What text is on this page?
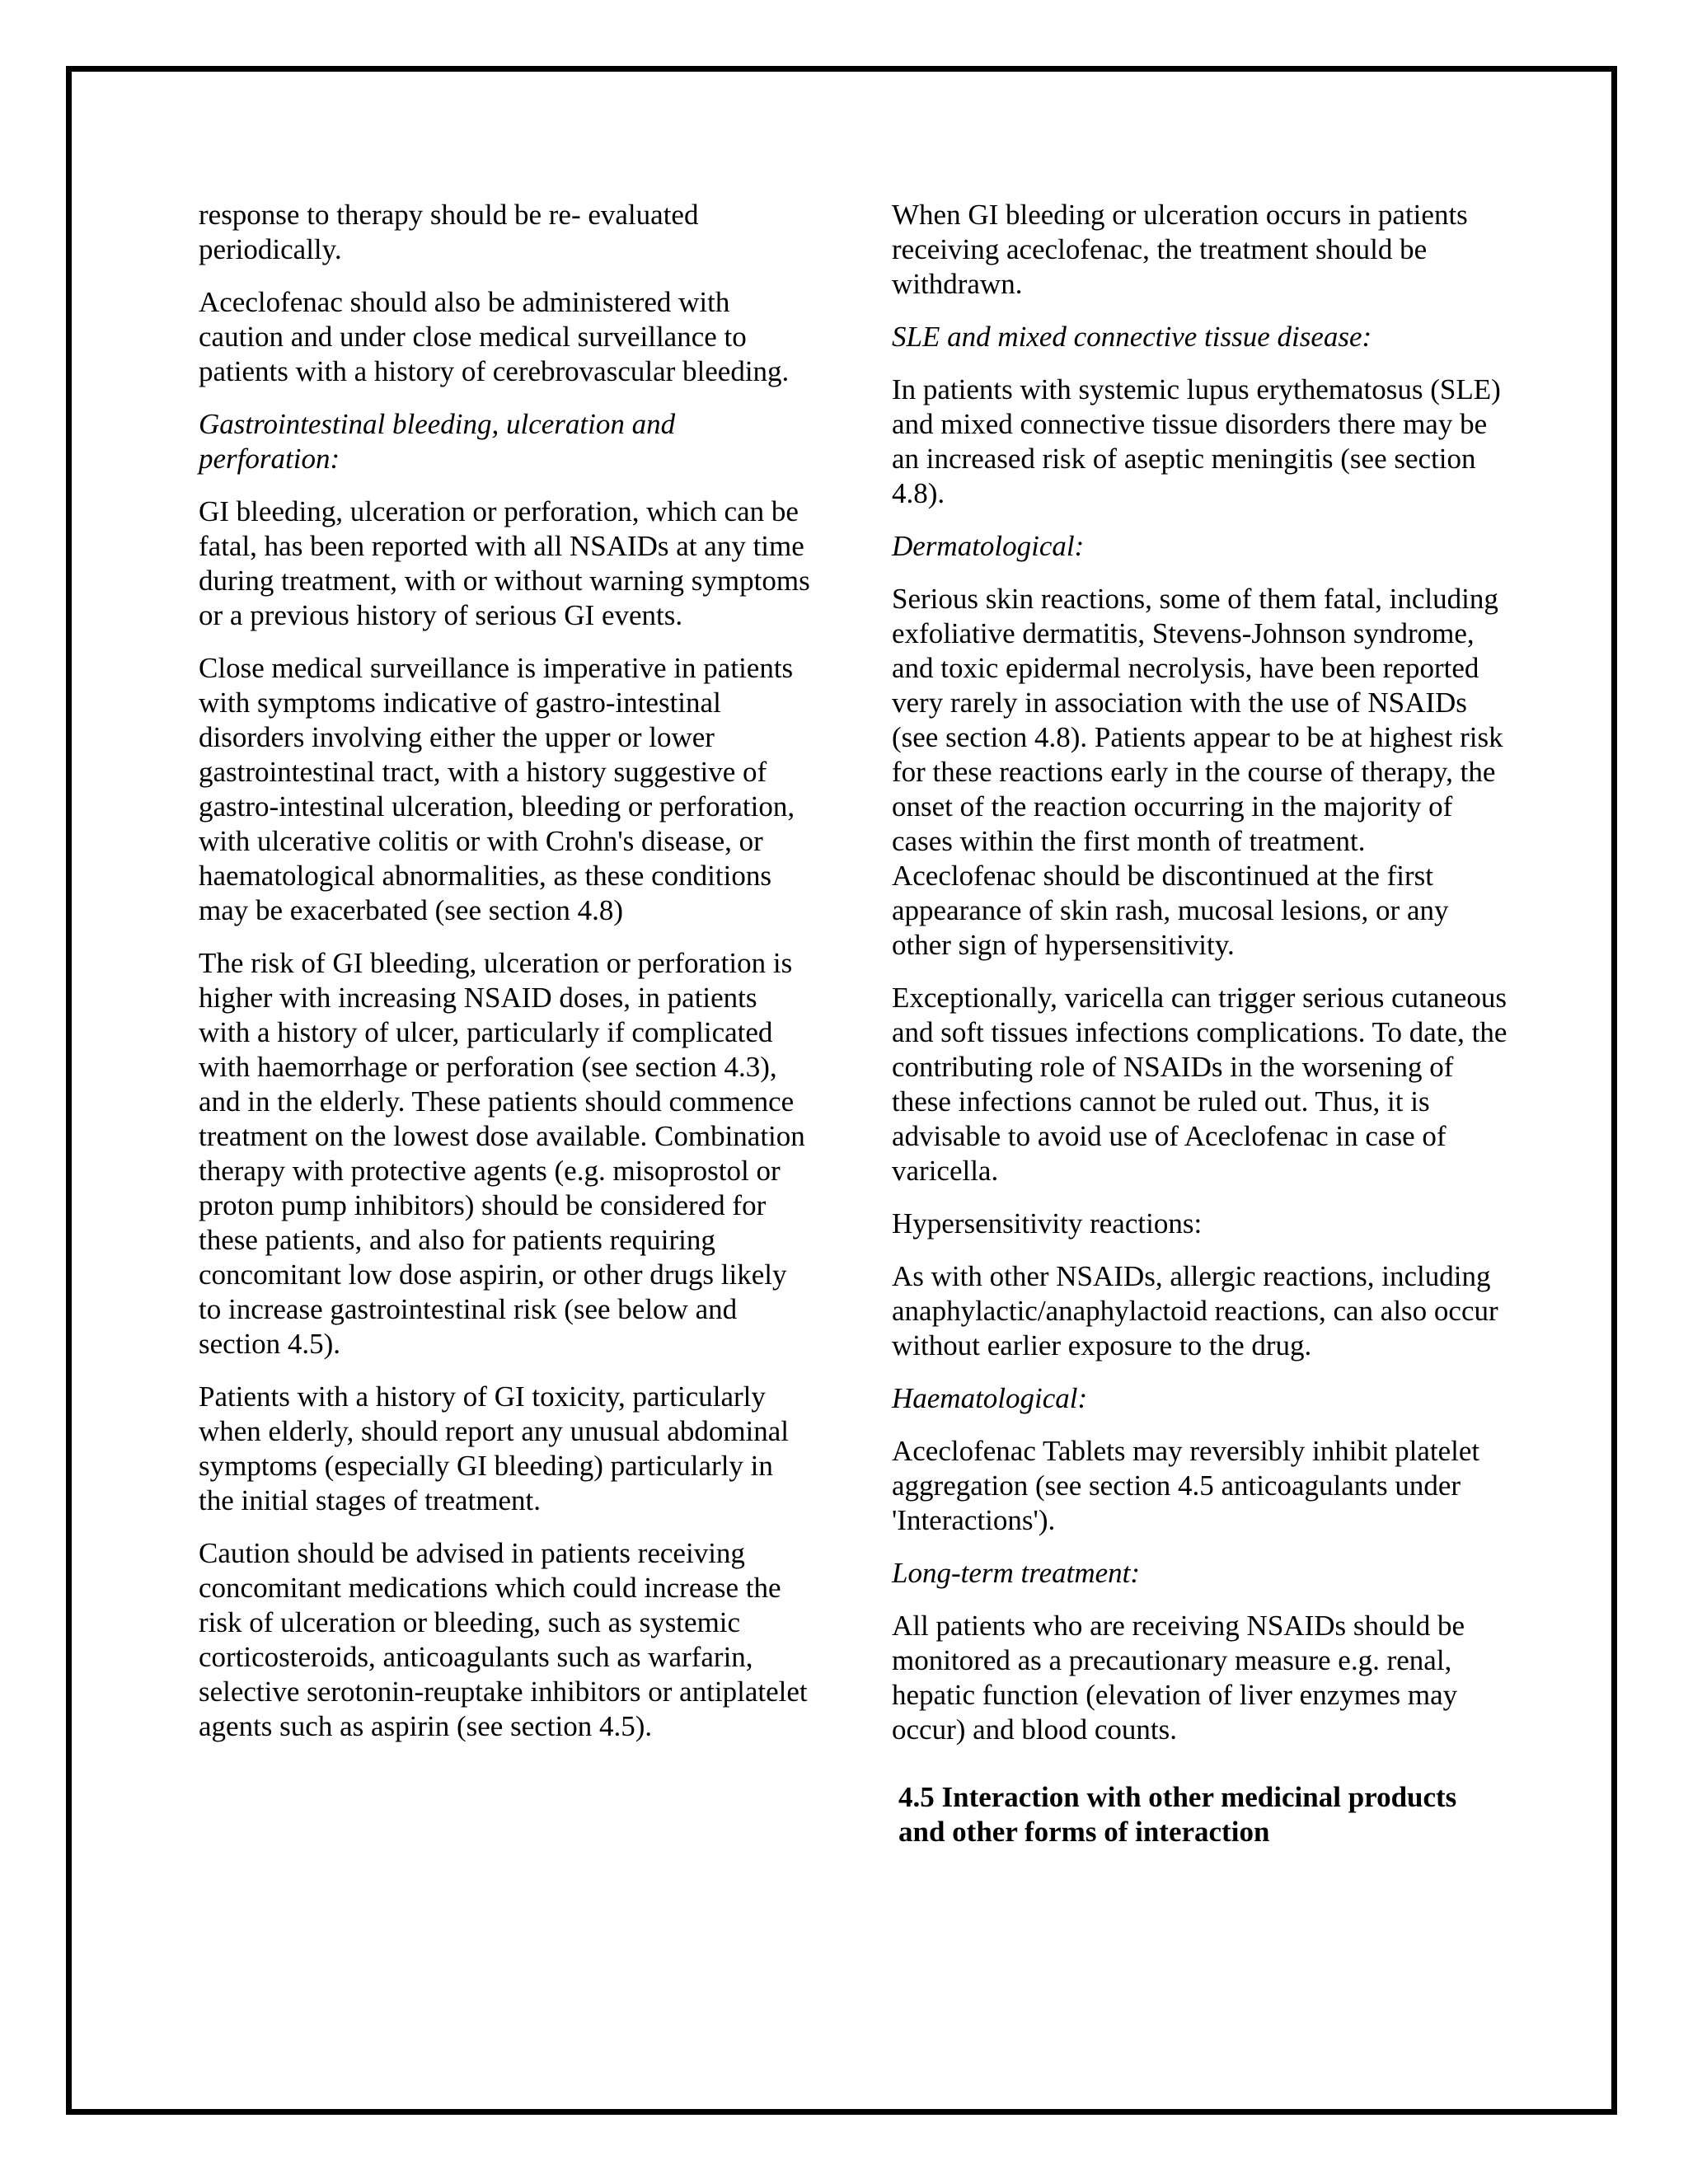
response to therapy should be re- evaluated periodically.

Aceclofenac should also be administered with caution and under close medical surveillance to patients with a history of cerebrovascular bleeding.

Gastrointestinal bleeding, ulceration and perforation:

GI bleeding, ulceration or perforation, which can be fatal, has been reported with all NSAIDs at any time during treatment, with or without warning symptoms or a previous history of serious GI events.

Close medical surveillance is imperative in patients with symptoms indicative of gastro-intestinal disorders involving either the upper or lower gastrointestinal tract, with a history suggestive of gastro-intestinal ulceration, bleeding or perforation, with ulcerative colitis or with Crohn's disease, or haematological abnormalities, as these conditions may be exacerbated (see section 4.8)

The risk of GI bleeding, ulceration or perforation is higher with increasing NSAID doses, in patients with a history of ulcer, particularly if complicated with haemorrhage or perforation (see section 4.3), and in the elderly. These patients should commence treatment on the lowest dose available. Combination therapy with protective agents (e.g. misoprostol or proton pump inhibitors) should be considered for these patients, and also for patients requiring concomitant low dose aspirin, or other drugs likely to increase gastrointestinal risk (see below and section 4.5).

Patients with a history of GI toxicity, particularly when elderly, should report any unusual abdominal symptoms (especially GI bleeding) particularly in the initial stages of treatment.

Caution should be advised in patients receiving concomitant medications which could increase the risk of ulceration or bleeding, such as systemic corticosteroids, anticoagulants such as warfarin, selective serotonin-reuptake inhibitors or antiplatelet agents such as aspirin (see section 4.5).

When GI bleeding or ulceration occurs in patients receiving aceclofenac, the treatment should be withdrawn.

SLE and mixed connective tissue disease:

In patients with systemic lupus erythematosus (SLE) and mixed connective tissue disorders there may be an increased risk of aseptic meningitis (see section 4.8).

Dermatological:

Serious skin reactions, some of them fatal, including exfoliative dermatitis, Stevens-Johnson syndrome, and toxic epidermal necrolysis, have been reported very rarely in association with the use of NSAIDs (see section 4.8). Patients appear to be at highest risk for these reactions early in the course of therapy, the onset of the reaction occurring in the majority of cases within the first month of treatment. Aceclofenac should be discontinued at the first appearance of skin rash, mucosal lesions, or any other sign of hypersensitivity.

Exceptionally, varicella can trigger serious cutaneous and soft tissues infections complications. To date, the contributing role of NSAIDs in the worsening of these infections cannot be ruled out. Thus, it is advisable to avoid use of Aceclofenac in case of varicella.

Hypersensitivity reactions:

As with other NSAIDs, allergic reactions, including anaphylactic/anaphylactoid reactions, can also occur without earlier exposure to the drug.

Haematological:

Aceclofenac Tablets may reversibly inhibit platelet aggregation (see section 4.5 anticoagulants under 'Interactions').

Long-term treatment:

All patients who are receiving NSAIDs should be monitored as a precautionary measure e.g. renal, hepatic function (elevation of liver enzymes may occur) and blood counts.

4.5 Interaction with other medicinal products and other forms of interaction
